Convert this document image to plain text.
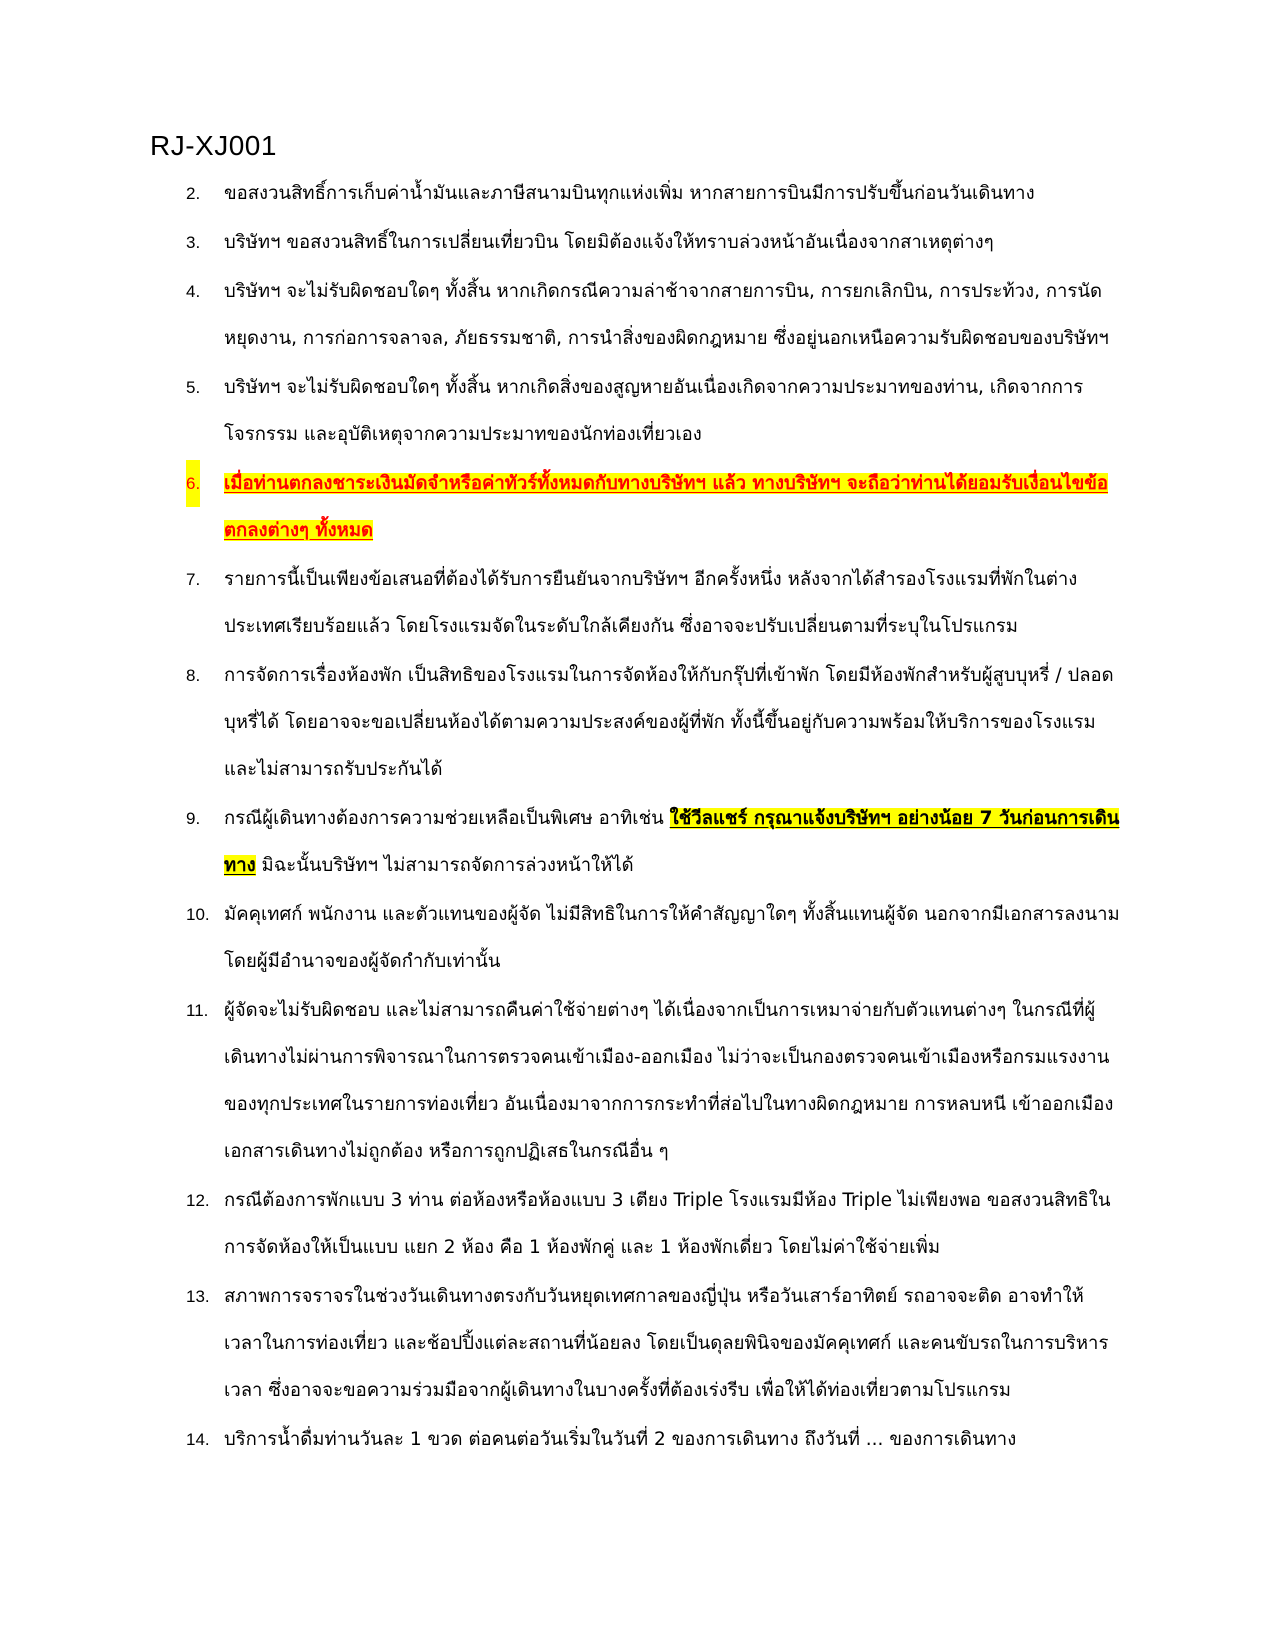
RJ-XJ001
2. ขอสงวนสิทธิ์การเก็บค่าน้ำมันและภาษีสนามบินทุกแห่งเพิ่ม หากสายการบินมีการปรับขึ้นก่อนวันเดินทาง
3. บริษัทฯ ขอสงวนสิทธิ์ในการเปลี่ยนเที่ยวบิน โดยมิต้องแจ้งให้ทราบล่วงหน้าอันเนื่องจากสาเหตุต่างๆ
4. บริษัทฯ จะไม่รับผิดชอบใดๆ ทั้งสิ้น หากเกิดกรณีความล่าช้าจากสายการบิน, การยกเลิกบิน, การประท้วง, การนัดหยุดงาน, การก่อการจลาจล, ภัยธรรมชาติ, การนำสิ่งของผิดกฎหมาย ซึ่งอยู่นอกเหนือความรับผิดชอบของบริษัทฯ
5. บริษัทฯ จะไม่รับผิดชอบใดๆ ทั้งสิ้น หากเกิดสิ่งของสูญหายอันเนื่องเกิดจากความประมาทของท่าน, เกิดจากการโจรกรรม และอุบัติเหตุจากความประมาทของนักท่องเที่ยวเอง
6. เมื่อท่านตกลงชาระเงินมัดจำหรือค่าทัวร์ทั้งหมดกับทางบริษัทฯ แล้ว ทางบริษัทฯ จะถือว่าท่านได้ยอมรับเงื่อนไขข้อตกลงต่างๆ ทั้งหมด
7. รายการนี้เป็นเพียงข้อเสนอที่ต้องได้รับการยืนยันจากบริษัทฯ อีกครั้งหนึ่ง หลังจากได้สำรองโรงแรมที่พักในต่างประเทศเรียบร้อยแล้ว โดยโรงแรมจัดในระดับใกล้เคียงกัน ซึ่งอาจจะปรับเปลี่ยนตามที่ระบุในโปรแกรม
8. การจัดการเรื่องห้องพัก เป็นสิทธิของโรงแรมในการจัดห้องให้กับกรุ๊ปที่เข้าพัก โดยมีห้องพักสำหรับผู้สูบบุหรี่ / ปลอดบุหรี่ได้ โดยอาจจะขอเปลี่ยนห้องได้ตามความประสงค์ของผู้ที่พัก ทั้งนี้ขึ้นอยู่กับความพร้อมให้บริการของโรงแรมและไม่สามารถรับประกันได้
9. กรณีผู้เดินทางต้องการความช่วยเหลือเป็นพิเศษ อาทิเช่น ใช้วีลแชร์ กรุณาแจ้งบริษัทฯ อย่างน้อย 7 วันก่อนการเดินทาง มิฉะนั้นบริษัทฯ ไม่สามารถจัดการล่วงหน้าให้ได้
10. มัคคุเทศก์ พนักงาน และตัวแทนของผู้จัด ไม่มีสิทธิในการให้คำสัญญาใดๆ ทั้งสิ้นแทนผู้จัด นอกจากมีเอกสารลงนามโดยผู้มีอำนาจของผู้จัดกำกับเท่านั้น
11. ผู้จัดจะไม่รับผิดชอบ และไม่สามารถคืนค่าใช้จ่ายต่างๆ ได้เนื่องจากเป็นการเหมาจ่ายกับตัวแทนต่างๆ ในกรณีที่ผู้เดินทางไม่ผ่านการพิจารณาในการตรวจคนเข้าเมือง-ออกเมือง ไม่ว่าจะเป็นกองตรวจคนเข้าเมืองหรือกรมแรงงานของทุกประเทศในรายการท่องเที่ยว อันเนื่องมาจากการกระทำที่ส่อไปในทางผิดกฎหมาย การหลบหนี เข้าออกเมืองเอกสารเดินทางไม่ถูกต้อง หรือการถูกปฏิเสธในกรณีอื่น ๆ
12. กรณีต้องการพักแบบ 3 ท่าน ต่อห้องหรือห้องแบบ 3 เตียง Triple โรงแรมมีห้อง Triple ไม่เพียงพอ ขอสงวนสิทธิในการจัดห้องให้เป็นแบบ แยก 2 ห้อง คือ 1 ห้องพักคู่ และ 1 ห้องพักเดี่ยว โดยไม่ค่าใช้จ่ายเพิ่ม
13. สภาพการจราจรในช่วงวันเดินทางตรงกับวันหยุดเทศกาลของญี่ปุ่น หรือวันเสาร์อาทิตย์ รถอาจจะติด อาจทำให้เวลาในการท่องเที่ยว และช้อปปิ้งแต่ละสถานที่น้อยลง โดยเป็นดุลยพินิจของมัคคุเทศก์ และคนขับรถในการบริหารเวลา ซึ่งอาจจะขอความร่วมมือจากผู้เดินทางในบางครั้งที่ต้องเร่งรีบ เพื่อให้ได้ท่องเที่ยวตามโปรแกรม
14. บริการน้ำดื่มท่านวันละ 1 ขวด ต่อคนต่อวันเริ่มในวันที่ 2 ของการเดินทาง ถึงวันที่ ... ของการเดินทาง
